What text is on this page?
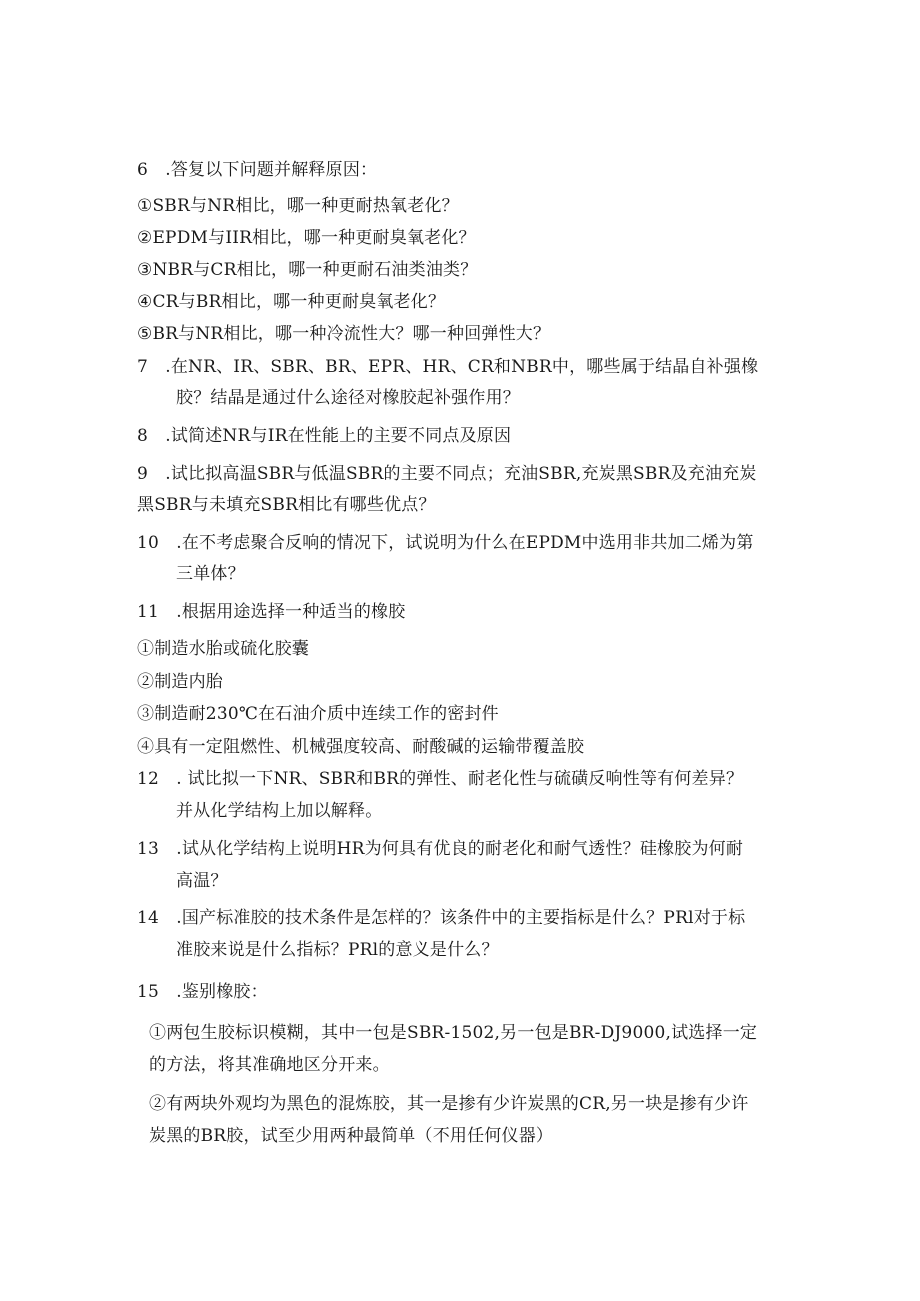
6　.答复以下问题并解释原因：
①SBR与NR相比，哪一种更耐热氧老化？
②EPDM与IIR相比，哪一种更耐臭氧老化？
③NBR与CR相比，哪一种更耐石油类油类？
④CR与BR相比，哪一种更耐臭氧老化？
⑤BR与NR相比，哪一种冷流性大？哪一种回弹性大？
7　.在NR、IR、SBR、BR、EPR、HR、CR和NBR中，哪些属于结晶自补强橡
胶？结晶是通过什么途径对橡胶起补强作用？
8　.试简述NR与IR在性能上的主要不同点及原因
9　.试比拟高温SBR与低温SBR的主要不同点；充油SBR,充炭黑SBR及充油充炭
黑SBR与未填充SBR相比有哪些优点？
10　.在不考虑聚合反响的情况下，试说明为什么在EPDM中选用非共加二烯为第
三单体？
11　.根据用途选择一种适当的橡胶
①制造水胎或硫化胶囊
②制造内胎
③制造耐230℃在石油介质中连续工作的密封件
④具有一定阻燃性、机械强度较高、耐酸碱的运输带覆盖胶
12　. 试比拟一下NR、SBR和BR的弹性、耐老化性与硫磺反响性等有何差异？
并从化学结构上加以解释。
13　.试从化学结构上说明HR为何具有优良的耐老化和耐气透性？硅橡胶为何耐
高温？
14　.国产标准胶的技术条件是怎样的？该条件中的主要指标是什么？PRl对于标
准胶来说是什么指标？PRl的意义是什么？
15　.鉴别橡胶：
①两包生胶标识模糊，其中一包是SBR-1502,另一包是BR-DJ9000,试选择一定
的方法，将其准确地区分开来。
②有两块外观均为黑色的混炼胶，其一是掺有少许炭黑的CR,另一块是掺有少许
炭黑的BR胶，试至少用两种最简单（不用任何仪器）
